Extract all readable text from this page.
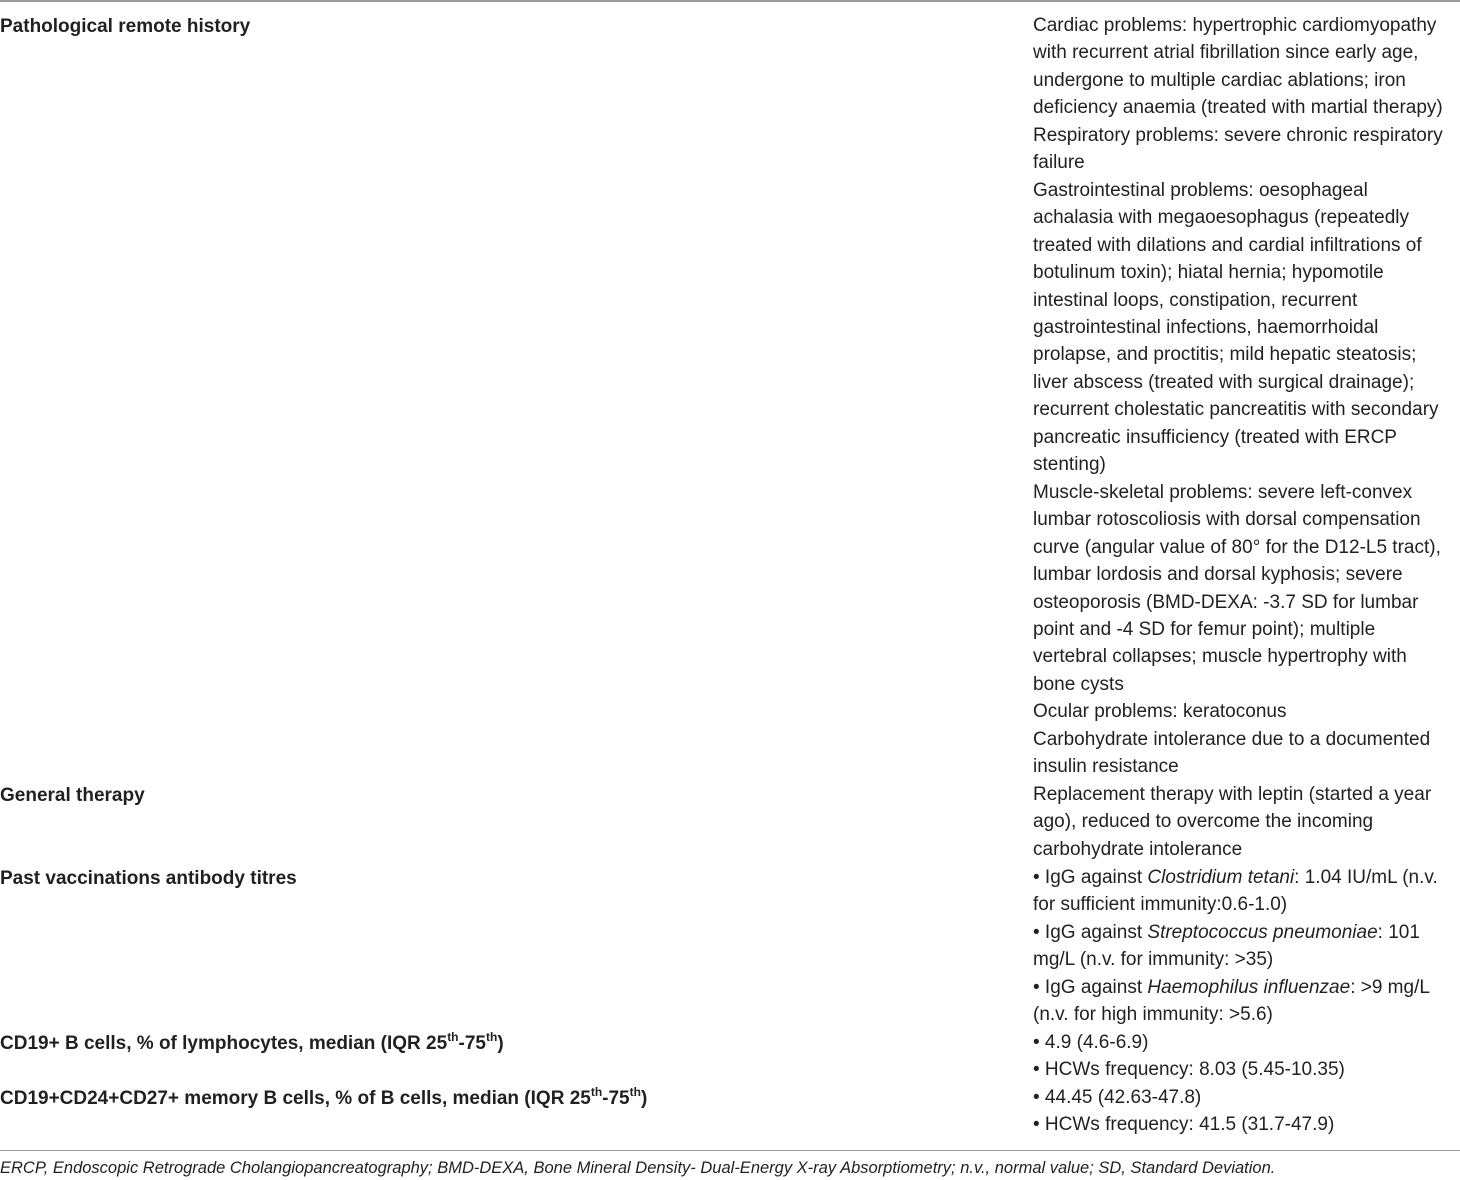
Pathological remote history	Cardiac problems: hypertrophic cardiomyopathy
with recurrent atrial fibrillation since early age,
undergone to multiple cardiac ablations; iron
deficiency anaemia (treated with martial therapy)
Respiratory problems: severe chronic respiratory
failure
Gastrointestinal problems: oesophageal
achalasia with megaoesophagus (repeatedly
treated with dilations and cardial infiltrations of
botulinum toxin); hiatal hernia; hypomotile
intestinal loops, constipation, recurrent
gastrointestinal infections, haemorrhoidal
prolapse, and proctitis; mild hepatic steatosis;
liver abscess (treated with surgical drainage);
recurrent cholestatic pancreatitis with secondary
pancreatic insufficiency (treated with ERCP
stenting)
Muscle-skeletal problems: severe left-convex
lumbar rotoscoliosis with dorsal compensation
curve (angular value of 80° for the D12-L5 tract),
lumbar lordosis and dorsal kyphosis; severe
osteoporosis (BMD-DEXA: -3.7 SD for lumbar
point and -4 SD for femur point); multiple
vertebral collapses; muscle hypertrophy with
bone cysts
Ocular problems: keratoconus
Carbohydrate intolerance due to a documented
insulin resistance
General therapy	Replacement therapy with leptin (started a year
ago), reduced to overcome the incoming
carbohydrate intolerance
Past vaccinations antibody titres	• IgG against Clostridium tetani: 1.04 IU/mL (n.v.
for sufficient immunity:0.6-1.0)
• IgG against Streptococcus pneumoniae: 101
mg/L (n.v. for immunity: >35)
• IgG against Haemophilus influenzae: >9 mg/L
(n.v. for high immunity: >5.6)
CD19+ B cells, % of lymphocytes, median (IQR 25th-75th)	• 4.9 (4.6-6.9)
• HCWs frequency: 8.03 (5.45-10.35)
CD19+CD24+CD27+ memory B cells, % of B cells, median (IQR 25th-75th)	• 44.45 (42.63-47.8)
• HCWs frequency: 41.5 (31.7-47.9)
ERCP, Endoscopic Retrograde Cholangiopancreatography; BMD-DEXA, Bone Mineral Density- Dual-Energy X-ray Absorptiometry; n.v., normal value; SD, Standard Deviation.
